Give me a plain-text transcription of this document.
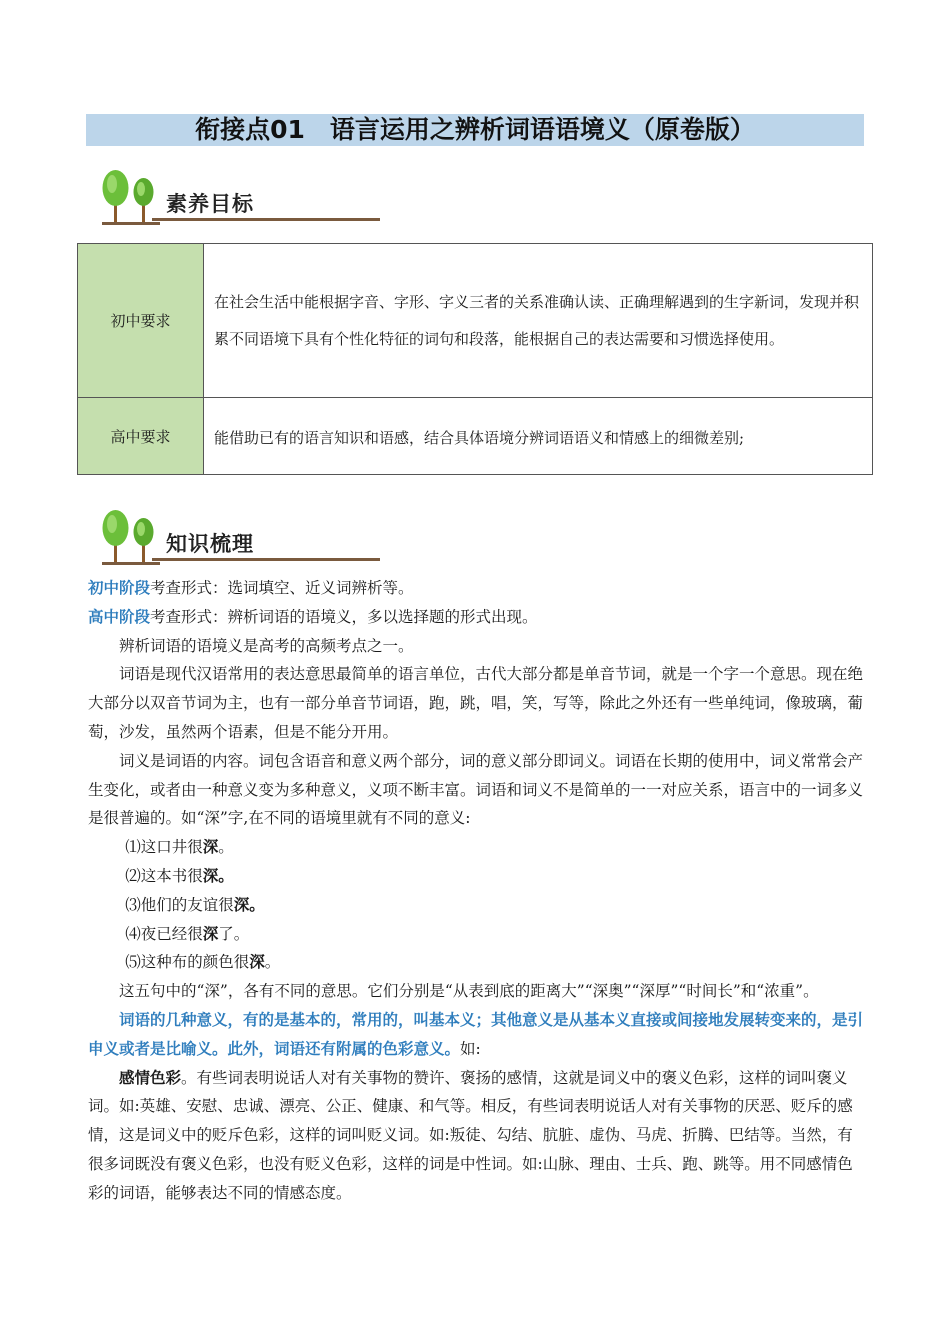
衔接点01　语言运用之辨析词语语境义（原卷版）
素养目标
初中要求	在社会生活中能根据字音、字形、字义三者的关系准确认读、正确理解遇到的生字新词，发现并积累不同语境下具有个性化特征的词句和段落，能根据自己的表达需要和习惯选择使用。
高中要求	能借助已有的语言知识和语感，结合具体语境分辨词语语义和情感上的细微差别;
知识梳理

初中阶段考查形式：选词填空、近义词辨析等。

高中阶段考查形式：辨析词语的语境义，多以选择题的形式出现。

辨析词语的语境义是高考的高频考点之一。

词语是现代汉语常用的表达意思最简单的语言单位，古代大部分都是单音节词，就是一个字一个意思。现在绝大部分以双音节词为主，也有一部分单音节词语，跑，跳，唱，笑，写等，除此之外还有一些单纯词，像玻璃，葡萄，沙发，虽然两个语素，但是不能分开用。

词义是词语的内容。词包含语音和意义两个部分，词的意义部分即词义。词语在长期的使用中，词义常常会产生变化，或者由一种意义变为多种意义，义项不断丰富。词语和词义不是简单的一一对应关系，语言中的一词多义是很普遍的。如“深”字,在不同的语境里就有不同的意义:

⑴这口井很深。

⑵这本书很深。

⑶他们的友谊很深。

⑷夜已经很深了。

⑸这种布的颜色很深。

这五句中的“深”，各有不同的意思。它们分别是“从表到底的距离大”“深奥”“深厚”“时间长”和“浓重”。

词语的几种意义，有的是基本的，常用的，叫基本义；其他意义是从基本义直接或间接地发展转变来的，是引申义或者是比喻义。此外，词语还有附属的色彩意义。如:

感情色彩。有些词表明说话人对有关事物的赞许、褒扬的感情，这就是词义中的褒义色彩，这样的词叫褒义词。如:英雄、安慰、忠诚、漂亮、公正、健康、和气等。相反，有些词表明说话人对有关事物的厌恶、贬斥的感情，这是词义中的贬斥色彩，这样的词叫贬义词。如:叛徒、勾结、肮脏、虚伪、马虎、折腾、巴结等。当然，有很多词既没有褒义色彩，也没有贬义色彩，这样的词是中性词。如:山脉、理由、士兵、跑、跳等。用不同感情色彩的词语，能够表达不同的情感态度。
